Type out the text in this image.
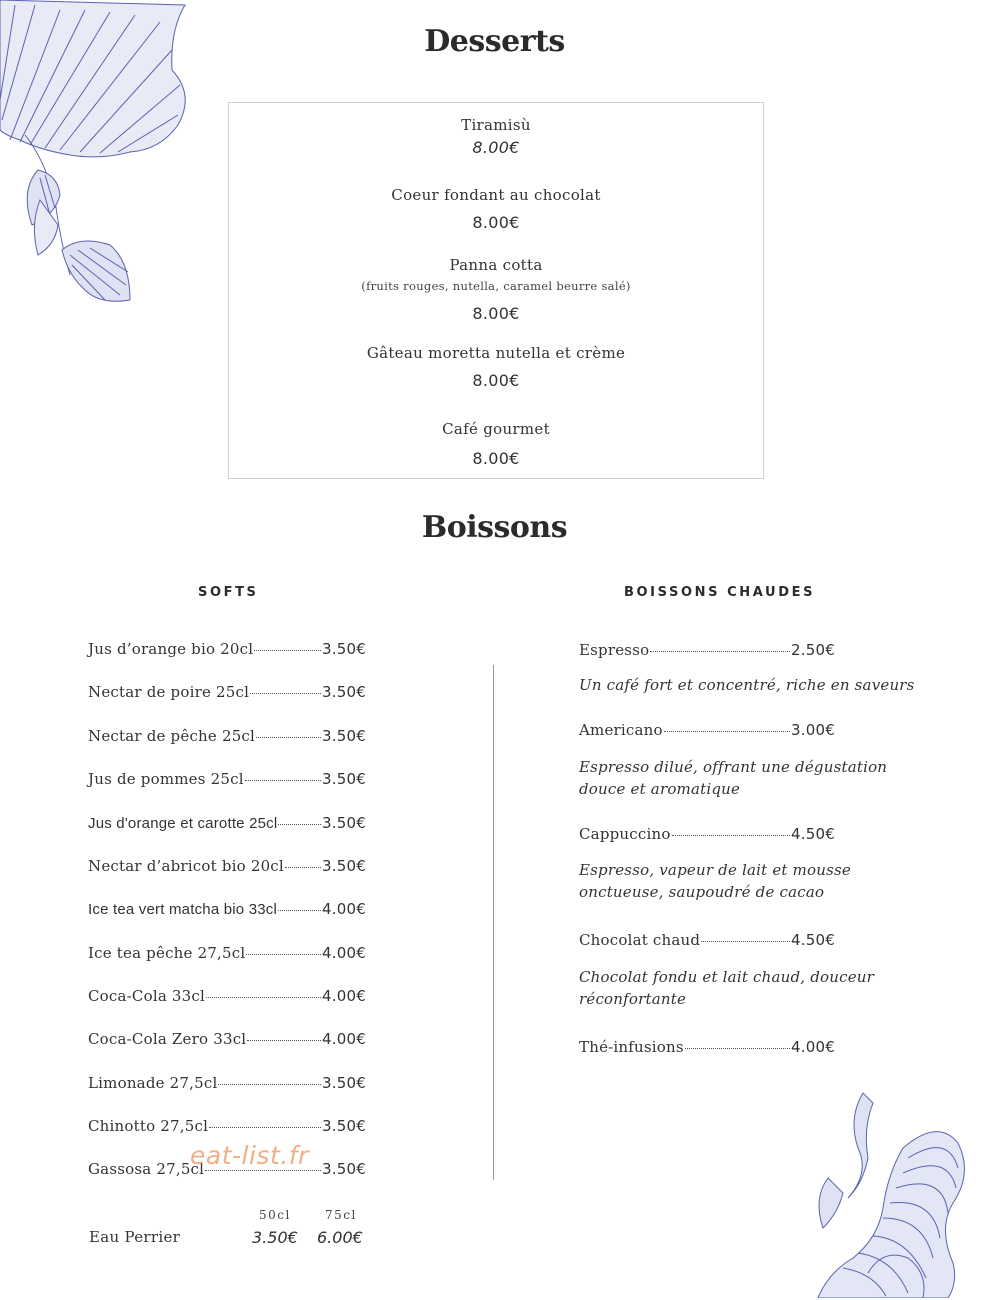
Desserts
Tiramisù
8.00€
Coeur fondant au chocolat
8.00€
Panna cotta
(fruits rouges, nutella, caramel beurre salé)
8.00€
Gâteau moretta nutella et crème
8.00€
Café gourmet
8.00€
Boissons
SOFTS	BOISSONS CHAUDES
Jus d’orange bio 20cl	3.50€
Nectar de poire 25cl	3.50€
Nectar de pêche 25cl	3.50€
Jus de pommes 25cl	3.50€
Jus d'orange et carotte 25cl	3.50€
Nectar d’abricot bio 20cl	3.50€
Ice tea vert matcha bio 33cl	4.00€
Ice tea pêche 27,5cl	4.00€
Coca-Cola 33cl	4.00€
Coca-Cola Zero 33cl	4.00€
Limonade 27,5cl	3.50€
Chinotto 27,5cl	3.50€
Gassosa 27,5cl	3.50€
50cl	75cl
Eau Perrier	3.50€ 6.00€
Espresso	2.50€
Un café fort et concentré, riche en saveurs
Americano	3.00€
Espresso dilué, offrant une dégustation douce et aromatique
Cappuccino	4.50€
Espresso, vapeur de lait et mousse onctueuse, saupoudré de cacao
Chocolat chaud	4.50€
Chocolat fondu et lait chaud, douceur réconfortante
Thé-infusions	4.00€
eat-list.fr
